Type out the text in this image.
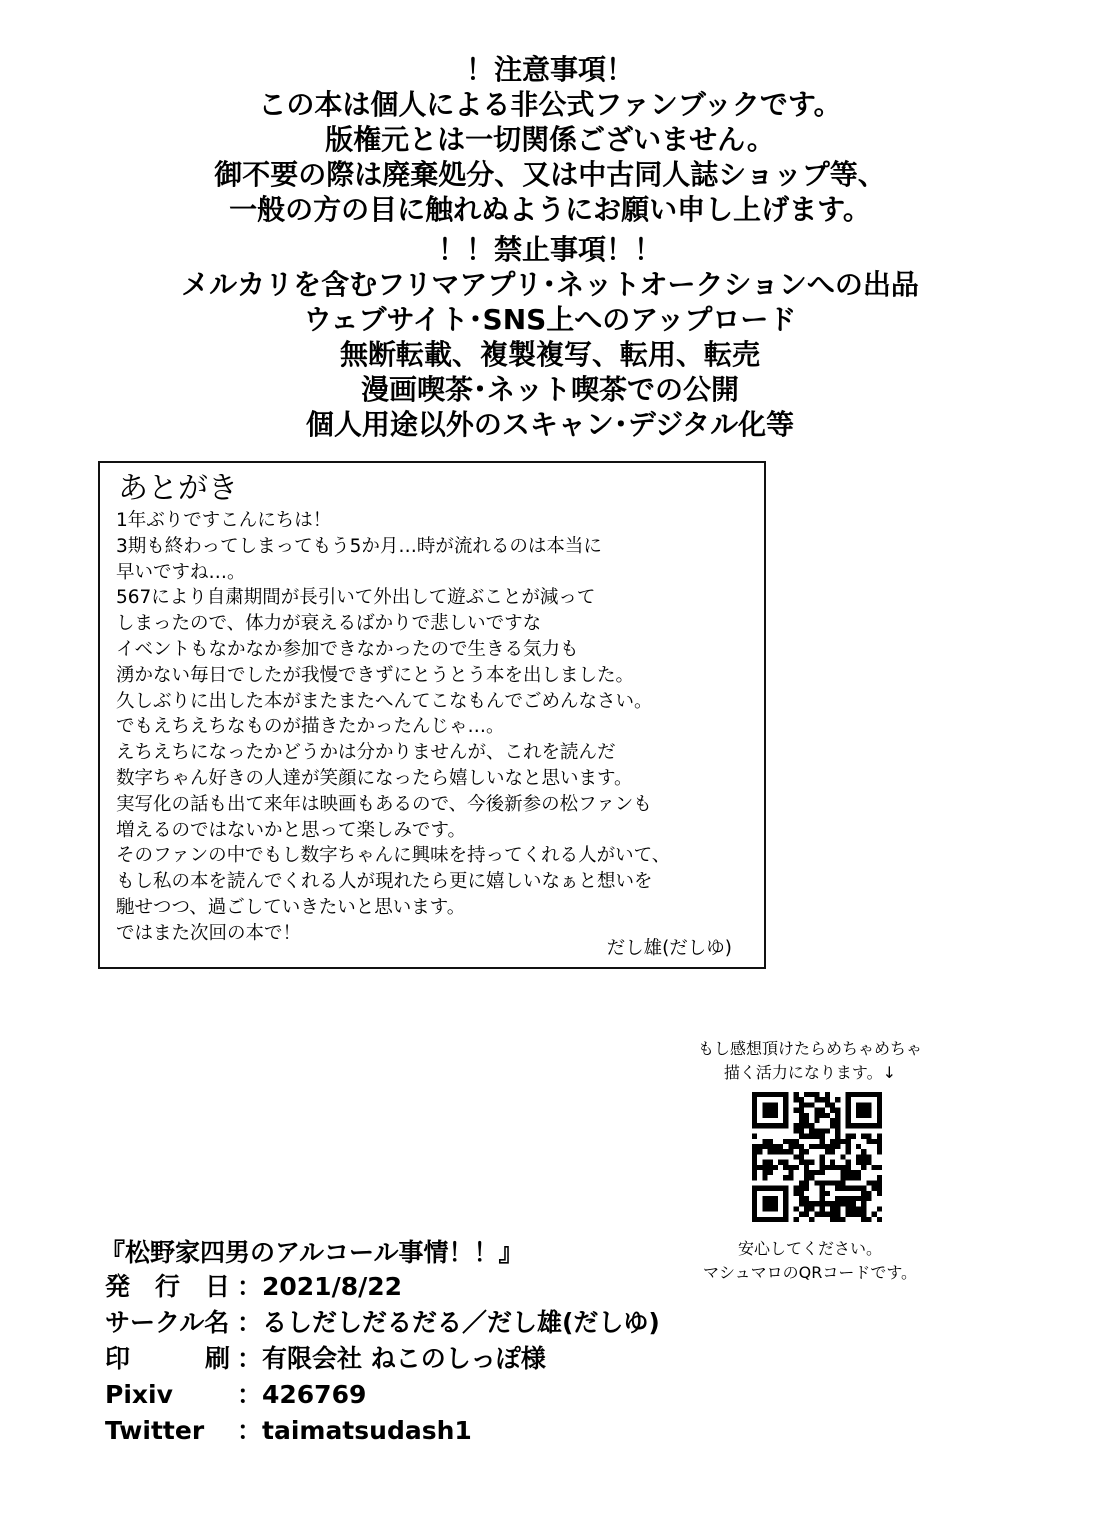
！注意事項！
この本は個人による非公式ファンブックです。
版権元とは一切関係ございません。
御不要の際は廃棄処分、又は中古同人誌ショップ等、
一般の方の目に触れぬようにお願い申し上げます。
！！禁止事項！！
メルカリを含むフリマアプリ･ネットオークションへの出品
ウェブサイト･SNS上へのアップロード
無断転載、複製複写、転用、転売
漫画喫茶･ネット喫茶での公開
個人用途以外のスキャン･デジタル化等
あとがき
1年ぶりですこんにちは！
3期も終わってしまってもう5か月…時が流れるのは本当に
早いですね…。
567により自粛期間が長引いて外出して遊ぶことが減って
しまったので、体力が衰えるばかりで悲しいですな
イベントもなかなか参加できなかったので生きる気力も
湧かない毎日でしたが我慢できずにとうとう本を出しました。
久しぶりに出した本がまたまたへんてこなもんでごめんなさい。
でもえちえちなものが描きたかったんじゃ…。
えちえちになったかどうかは分かりませんが、これを読んだ
数字ちゃん好きの人達が笑顔になったら嬉しいなと思います。
実写化の話も出て来年は映画もあるので、今後新参の松ファンも
増えるのではないかと思って楽しみです。
そのファンの中でもし数字ちゃんに興味を持ってくれる人がいて、
もし私の本を読んでくれる人が現れたら更に嬉しいなぁと想いを
馳せつつ、過ごしていきたいと思います。
ではまた次回の本で！
だし雄(だしゆ)
もし感想頂けたらめちゃめちゃ
描く活力になります。↓
安心してください。
マシュマロのQRコードです。
『松野家四男のアルコール事情！！』
発　行　日 ：2021/8/22
サークル名 ：るしだしだるだる／だし雄(だしゆ)
印　　　刷 ：有限会社 ねこのしっぽ様
Pixiv	：426769
Twitter ：taimatsudash1
